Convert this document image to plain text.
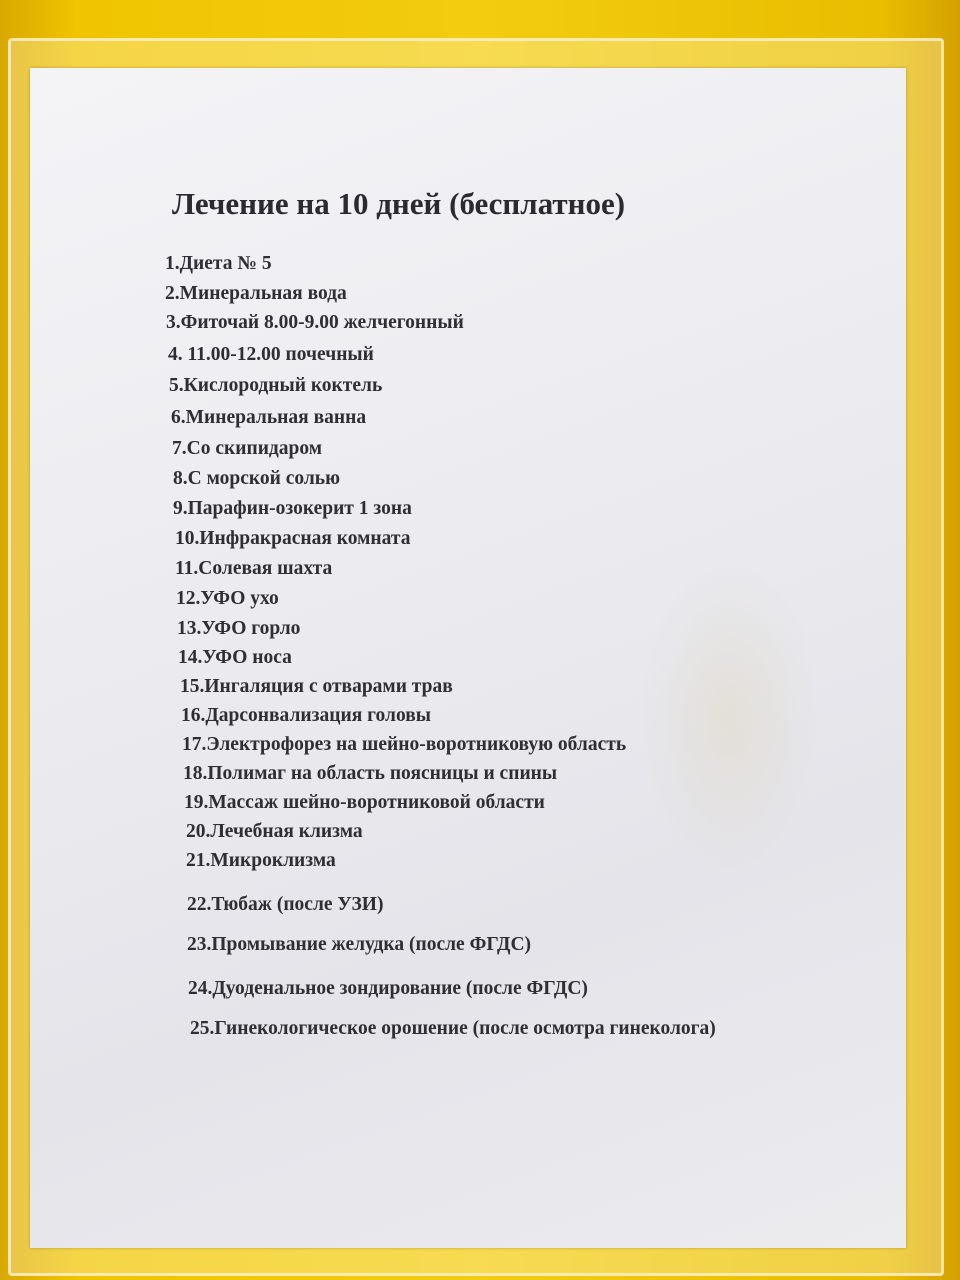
Лечение на 10 дней (бесплатное)
1.Диета № 5
2.Минеральная вода
3.Фиточай 8.00-9.00 желчегонный
4. 11.00-12.00 почечный
5.Кислородный коктель
6.Минеральная ванна
7.Со скипидаром
8.С морской солью
9.Парафин-озокерит 1 зона
10.Инфракрасная комната
11.Солевая шахта
12.УФО ухо
13.УФО горло
14.УФО носа
15.Ингаляция с отварами трав
16.Дарсонвализация головы
17.Электрофорез на шейно-воротниковую область
18.Полимаг на область поясницы и спины
19.Массаж шейно-воротниковой области
20.Лечебная клизма
21.Микроклизма
22.Тюбаж (после УЗИ)
23.Промывание желудка (после ФГДС)
24.Дуоденальное зондирование (после ФГДС)
25.Гинекологическое орошение (после осмотра гинеколога)
